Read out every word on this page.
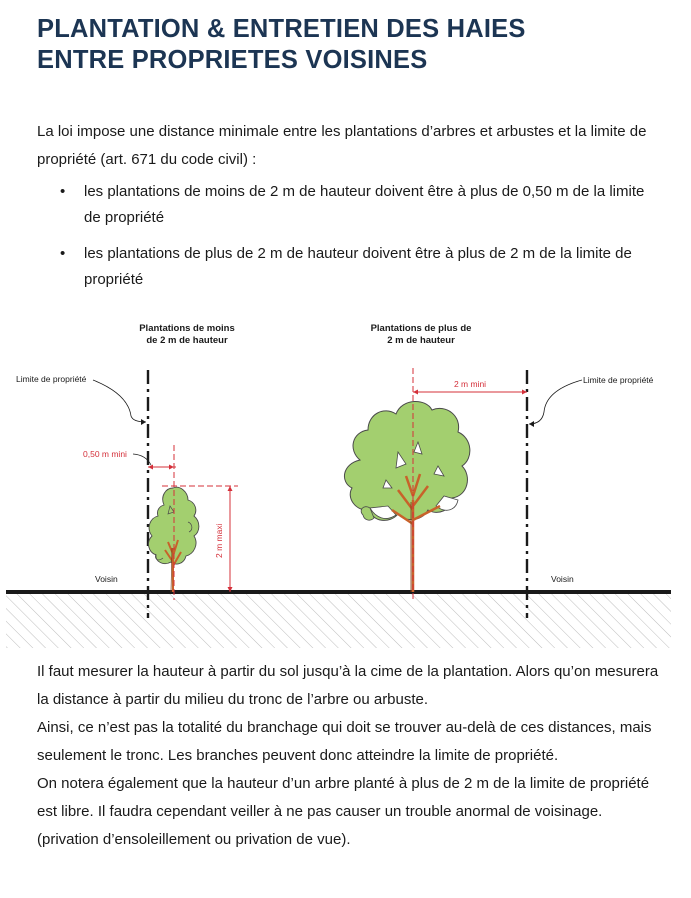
PLANTATION & ENTRETIEN DES HAIES
ENTRE PROPRIETES VOISINES

La loi impose une distance minimale entre les plantations d’arbres et arbustes et la limite de propriété (art. 671 du code civil) :

• les plantations de moins de 2 m de hauteur doivent être à plus de 0,50 m de la limite de propriété
• les plantations de plus de 2 m de hauteur doivent être à plus de 2 m de la limite de propriété
Plantations de moins
de 2 m de hauteur
Plantations de plus de
2 m de hauteur
Limite de propriété	Limite de propriété
0,50 m mini
2 m maxi
2 m mini
Voisin	Voisin

Il faut mesurer la hauteur à partir du sol jusqu’à la cime de la plantation. Alors qu’on mesurera la distance à partir du milieu du tronc de l’arbre ou arbuste.

Ainsi, ce n’est pas la totalité du branchage qui doit se trouver au-delà de ces distances, mais seulement le tronc. Les branches peuvent donc atteindre la limite de propriété.

On notera également que la hauteur d’un arbre planté à plus de 2 m de la limite de propriété est libre. Il faudra cependant veiller à ne pas causer un trouble anormal de voisinage. (privation d’ensoleillement ou privation de vue).
